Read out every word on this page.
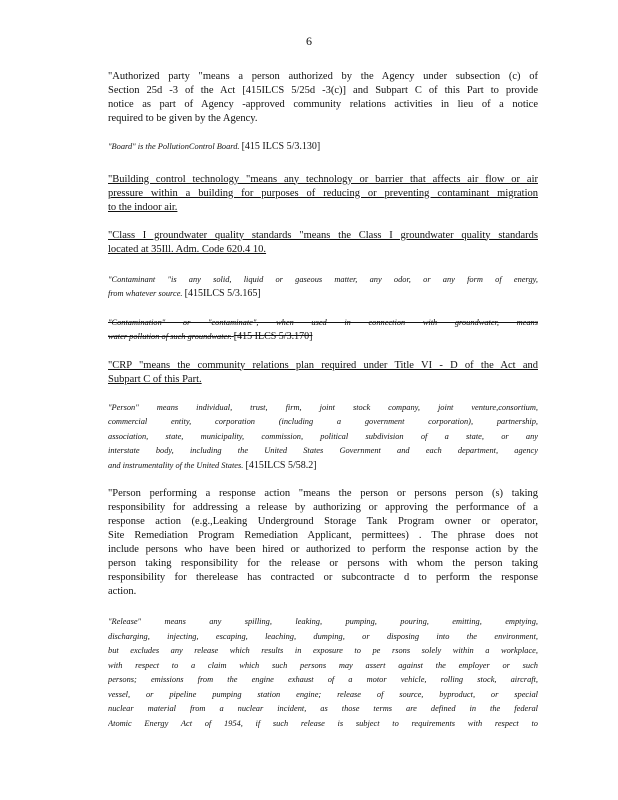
6
"Authorized party "means a person authorized by the Agency under subsection (c) of
Section 25d -3 of the Act [415ILCS 5/25d -3(c)] and Subpart C of this Part to provide
notice as part of Agency -approved community relations activities in lieu of a notice
required to be given by the Agency.
"Board" is the PollutionControl Board. [415 ILCS 5/3.130]
"Building control technology "means any technology or barrier that affects air flow or air
pressure within a building for purposes of reducing or preventing contaminant migration
to the indoor air.
"Class I groundwater quality standards "means the Class I groundwater quality standards
located at 35Ill. Adm. Code 620.4 10.
"Contaminant "is any solid, liquid or gaseous matter, any odor, or any form of energy,
from whatever source. [415ILCS 5/3.165]
"Contamination" or "contaminate", when used in connection with groundwater, means
water pollution of such groundwater. [415 ILCS 5/3.170]
"CRP "means the community relations plan required under Title VI - D of the Act and
Subpart C of this Part.
"Person" means individual, trust, firm, joint stock company, joint venture,consortium,
commercial entity, corporation (including a government corporation), partnership,
association, state, municipality, commission, political subdivision of a state, or any
interstate body, including the United States Government and each department, agency
and instrumentality of the United States. [415ILCS 5/58.2]
"Person performing a response action "means the person or persons person (s) taking
responsibility for addressing a release by authorizing or approving the performance of a
response action (e.g.,Leaking Underground Storage Tank Program owner or operator,
Site Remediation Program Remediation Applicant, permittees) . The phrase does not
include persons who have been hired or authorized to perform the response action by the
person taking responsibility for the release or persons with whom the person taking
responsibility for therelease has contracted or subcontracte d to perform the response
action.
"Release" means any spilling, leaking, pumping, pouring, emitting, emptying,
discharging, injecting, escaping, leaching, dumping, or disposing into the environment,
but excludes any release which results in exposure to pe rsons solely within a workplace,
with respect to a claim which such persons may assert against the employer or such
persons; emissions from the engine exhaust of a motor vehicle, rolling stock, aircraft,
vessel, or pipeline pumping station engine; release of source, byproduct, or special
nuclear material from a nuclear incident, as those terms are defined in the federal
Atomic Energy Act of 1954, if such release is subject to requirements with respect to
